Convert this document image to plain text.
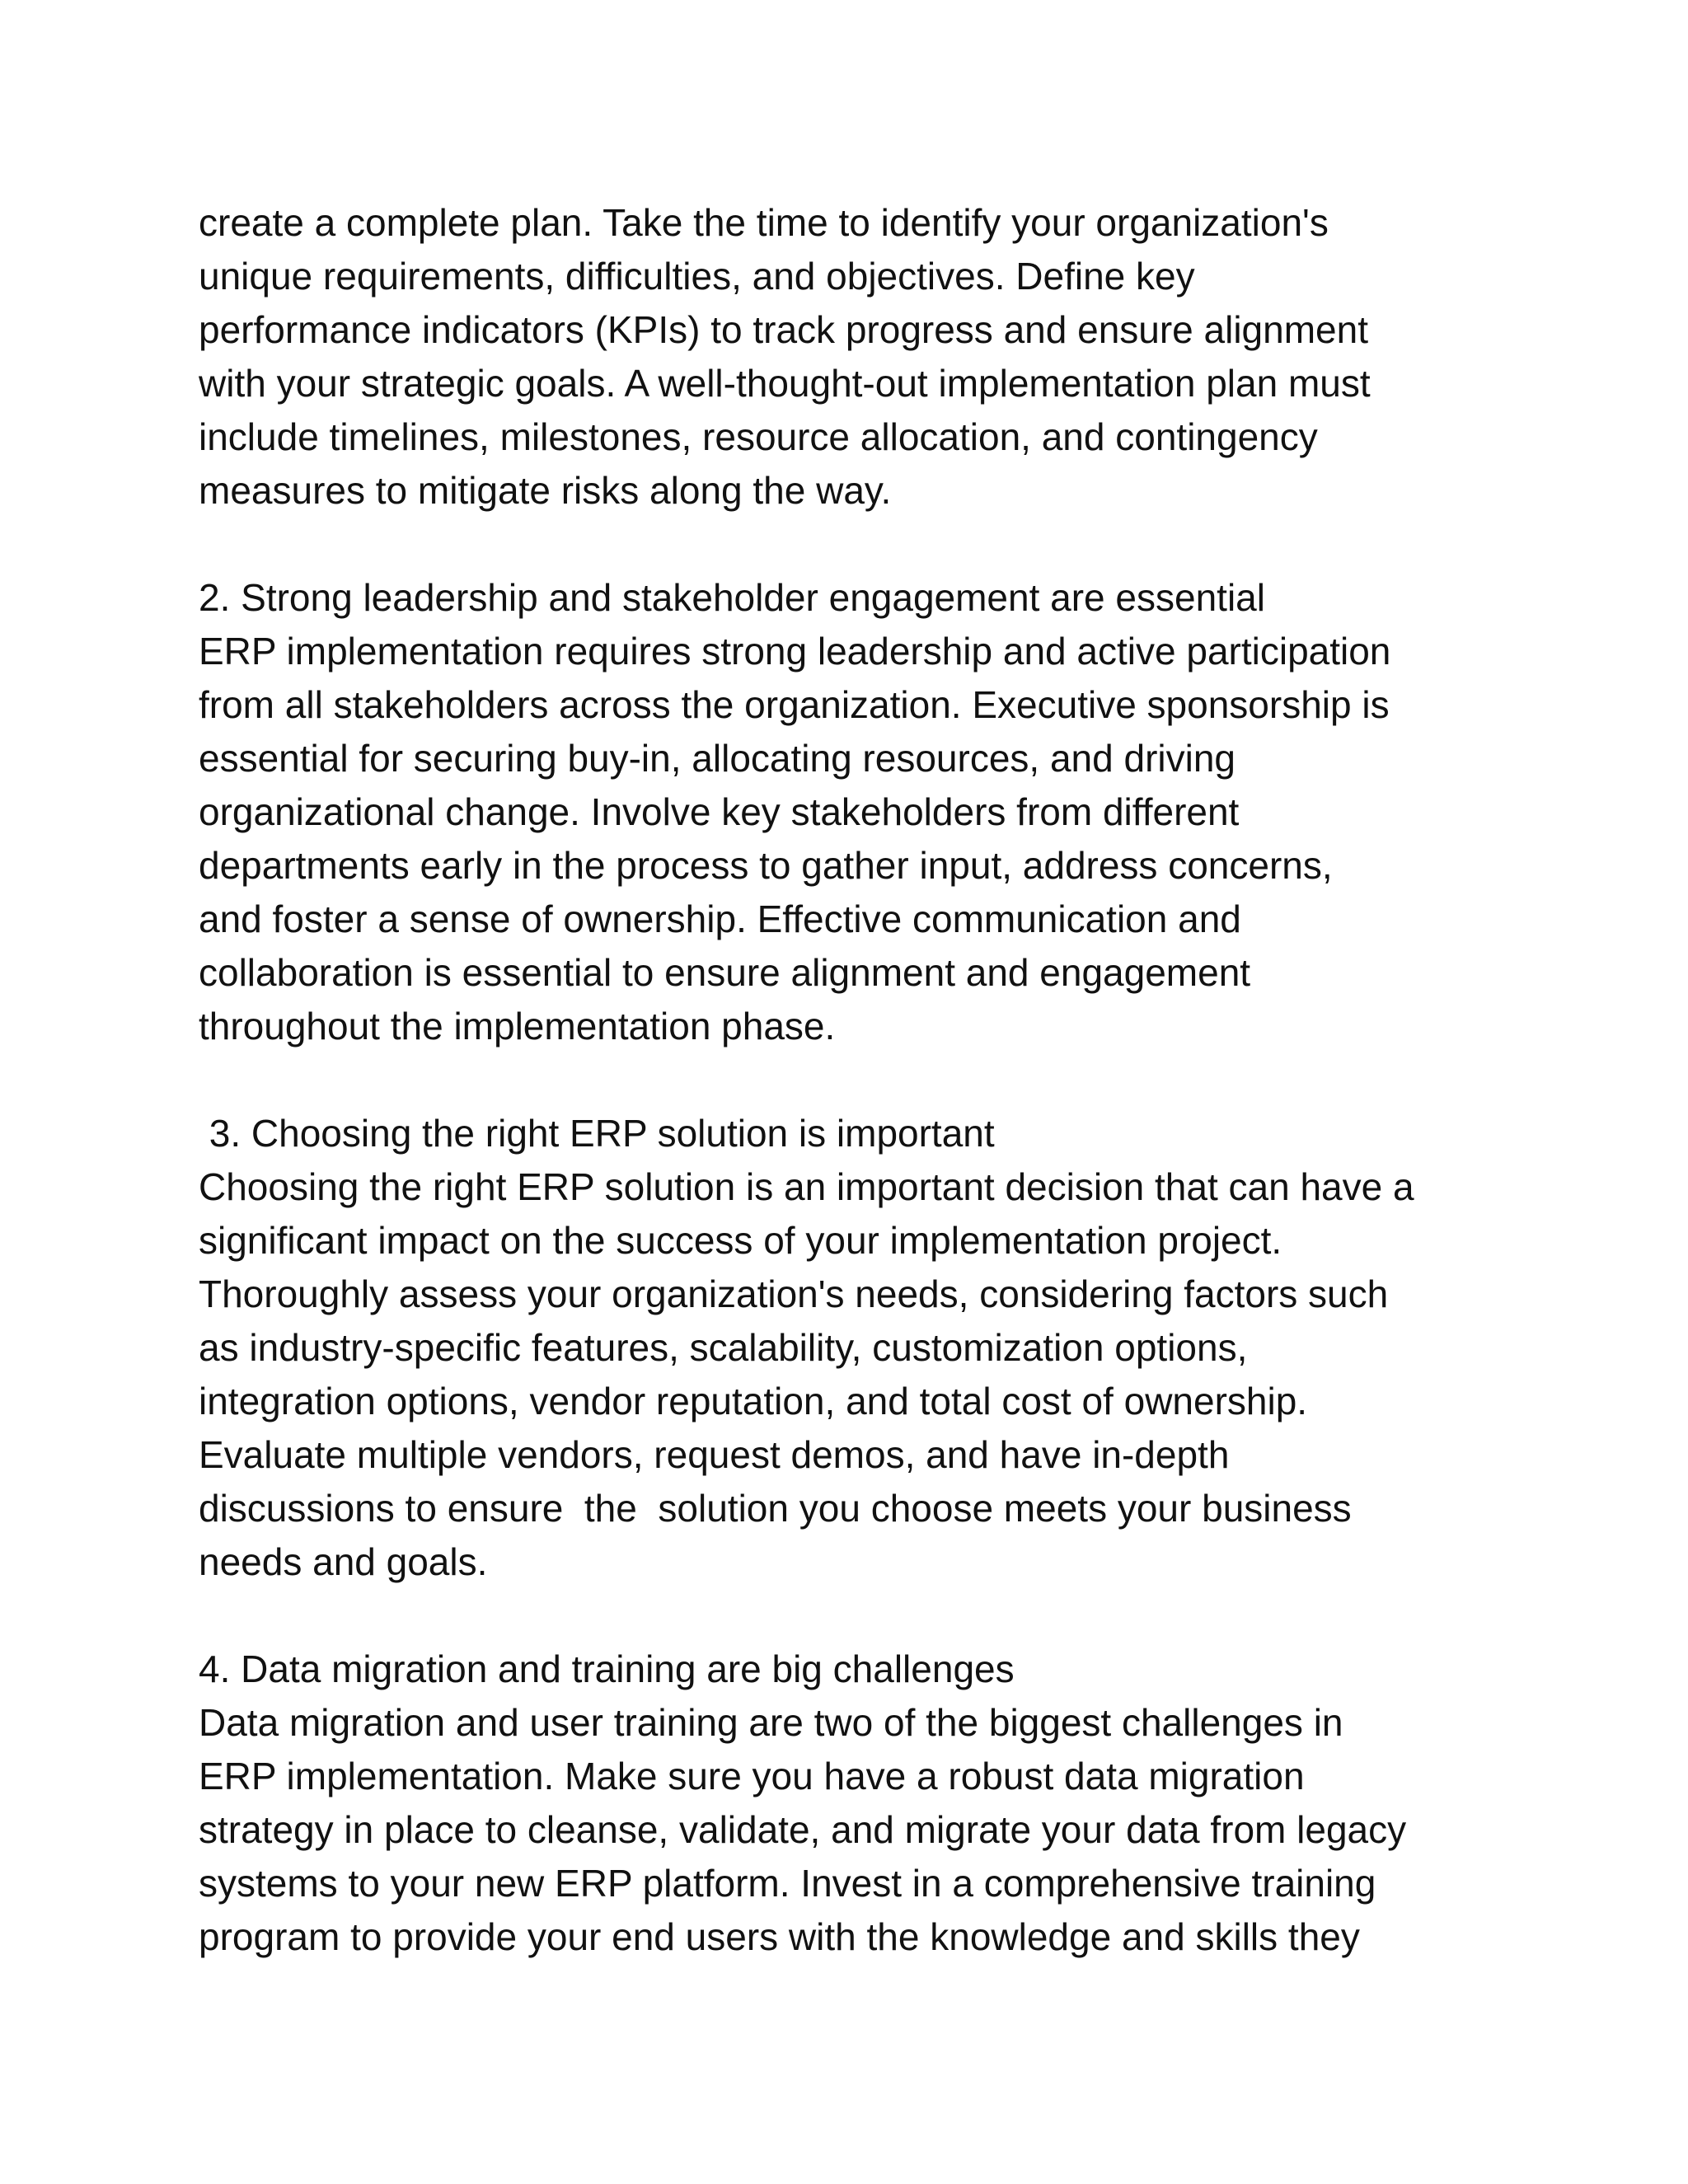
create a complete plan. Take the time to identify your organization's
unique requirements, difficulties, and objectives. Define key
performance indicators (KPIs) to track progress and ensure alignment
with your strategic goals. A well-thought-out implementation plan must
include timelines, milestones, resource allocation, and contingency
measures to mitigate risks along the way.
2. Strong leadership and stakeholder engagement are essential
ERP implementation requires strong leadership and active participation
from all stakeholders across the organization. Executive sponsorship is
essential for securing buy-in, allocating resources, and driving
organizational change. Involve key stakeholders from different
departments early in the process to gather input, address concerns,
and foster a sense of ownership. Effective communication and
collaboration is essential to ensure alignment and engagement
throughout the implementation phase.
3. Choosing the right ERP solution is important
Choosing the right ERP solution is an important decision that can have a
significant impact on the success of your implementation project.
Thoroughly assess your organization's needs, considering factors such
as industry-specific features, scalability, customization options,
integration options, vendor reputation, and total cost of ownership.
Evaluate multiple vendors, request demos, and have in-depth
discussions to ensure  the  solution you choose meets your business
needs and goals.
4. Data migration and training are big challenges
Data migration and user training are two of the biggest challenges in
ERP implementation. Make sure you have a robust data migration
strategy in place to cleanse, validate, and migrate your data from legacy
systems to your new ERP platform. Invest in a comprehensive training
program to provide your end users with the knowledge and skills they
